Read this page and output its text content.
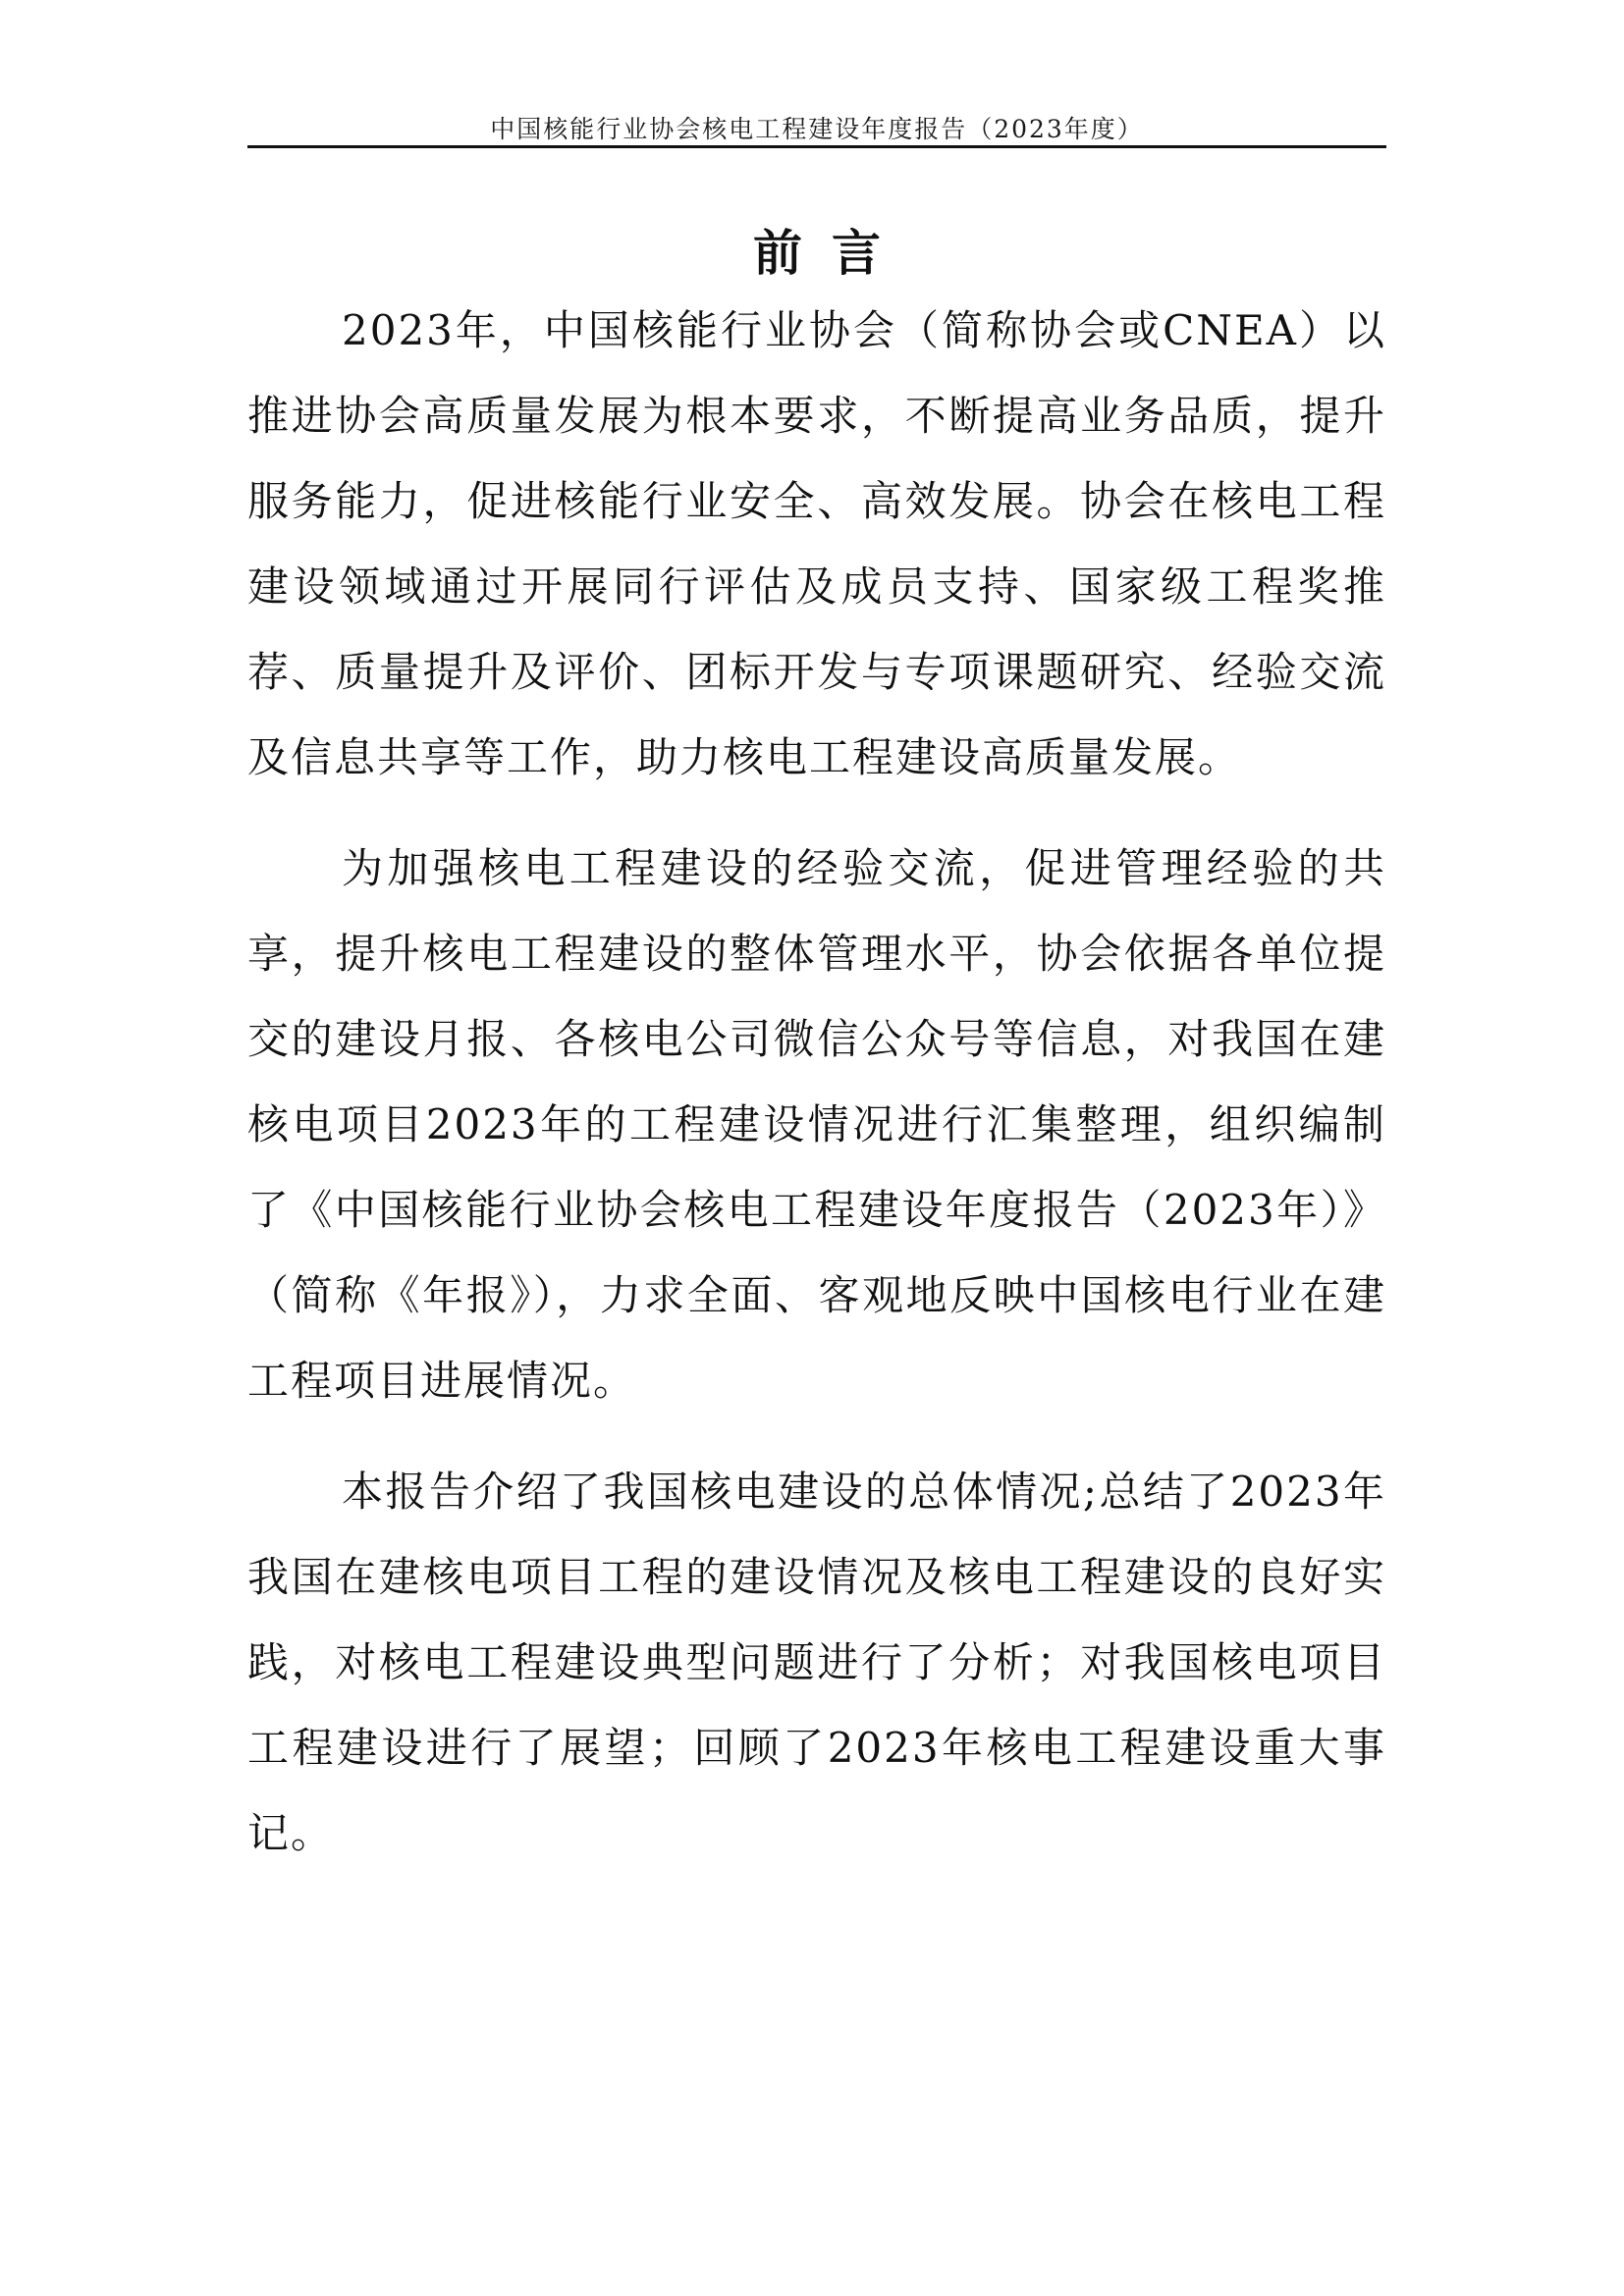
中国核能行业协会核电工程建设年度报告（2023年度）
前言

2023年，中国核能行业协会（简称协会或CNEA）以推进协会高质量发展为根本要求，不断提高业务品质，提升服务能力，促进核能行业安全、高效发展。协会在核电工程建设领域通过开展同行评估及成员支持、国家级工程奖推荐、质量提升及评价、团标开发与专项课题研究、经验交流及信息共享等工作，助力核电工程建设高质量发展。

为加强核电工程建设的经验交流，促进管理经验的共享，提升核电工程建设的整体管理水平，协会依据各单位提交的建设月报、各核电公司微信公众号等信息，对我国在建核电项目2023年的工程建设情况进行汇集整理，组织编制了《中国核能行业协会核电工程建设年度报告（2023年）》（简称《年报》），力求全面、客观地反映中国核电行业在建工程项目进展情况。

本报告介绍了我国核电建设的总体情况;总结了2023年我国在建核电项目工程的建设情况及核电工程建设的良好实践，对核电工程建设典型问题进行了分析；对我国核电项目工程建设进行了展望；回顾了2023年核电工程建设重大事记。
